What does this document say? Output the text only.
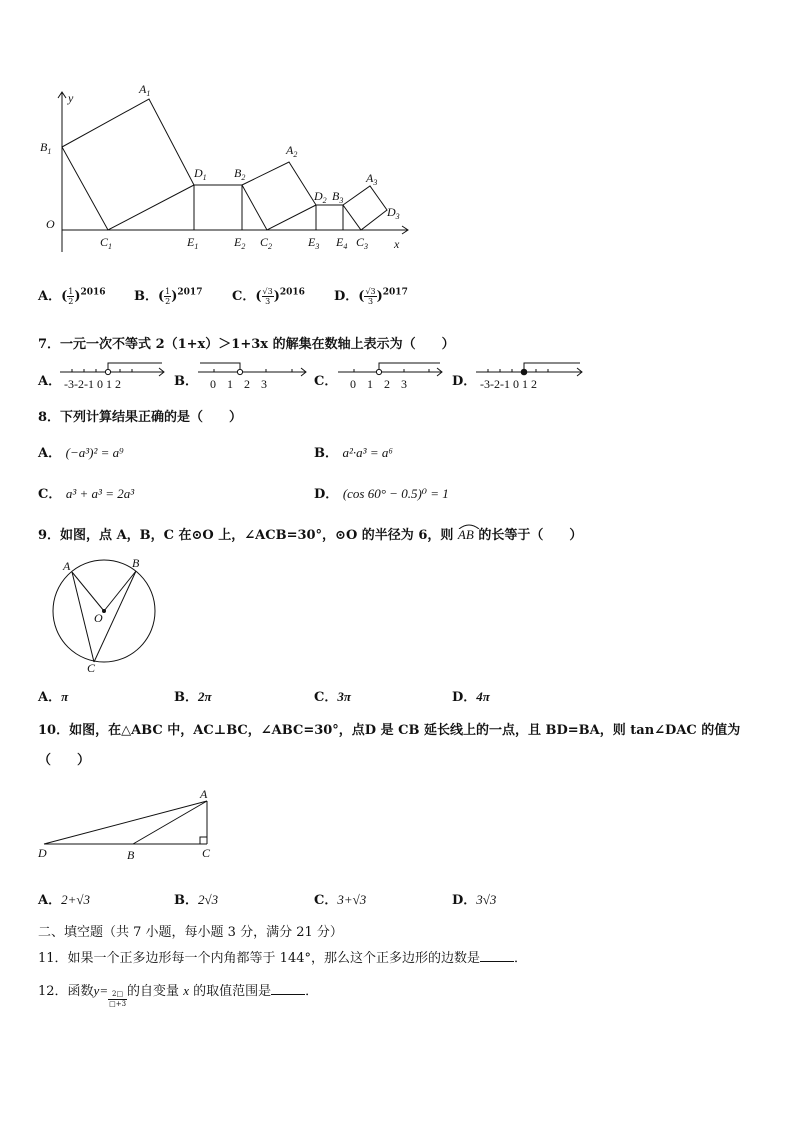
y
x
O
$B_1$
$A_1$
$D_1$ $B_2$
$A_2$
$D_2$ $B_3$
$A_3$
$D_3$
$C_1$	$E_1$	$E_2$ $C_2$	$E_3$ $E_4$ $C_3$
A．( $\frac{1}{2} )^{2016}$ B．( $\frac{1}{2} )^{2017}$ C．( $\frac{√3}{3} )^{2016}$ D．( $\frac{√3}{3} )^{2017}$
7．一元一次不等式 2（1+x）＞1+3x 的解集在数轴上表示为（　　）
A． -3-2-1 0 1 2	B． 0 1 2 3	C． 0 1 2 3	D． -3-2-1 0 1 2
8．下列计算结果正确的是（　　）
A． (−a³)² = a⁹	B． a²·a³ = a⁶
C． a³ + a³ = 2a³	D． (cos 60° − 0.5)⁰ = 1
9．如图，点 A，B，C 在⊙O 上，∠ACB=30°，⊙O 的半径为 6，则 AB 的长等于（　　）
A	B
O
C
A．π	B．2π	C．3π	D．4π
10．如图，在△ABC 中，AC⊥BC，∠ABC=30°，点D 是 CB 延长线上的一点，且 BD=BA，则 tan∠DAC 的值为
（　　）
A
B	C
D
A．2+√3	B．2√3	C．3+√3	D．3√3
二、填空题（共 7 小题，每小题 3 分，满分 21 分）
11．如果一个正多边形每一个内角都等于 144°，那么这个正多边形的边数是	．
12．函数$y= \frac{2□}{□+3}$ 的自变量 x 的取值范围是	．
